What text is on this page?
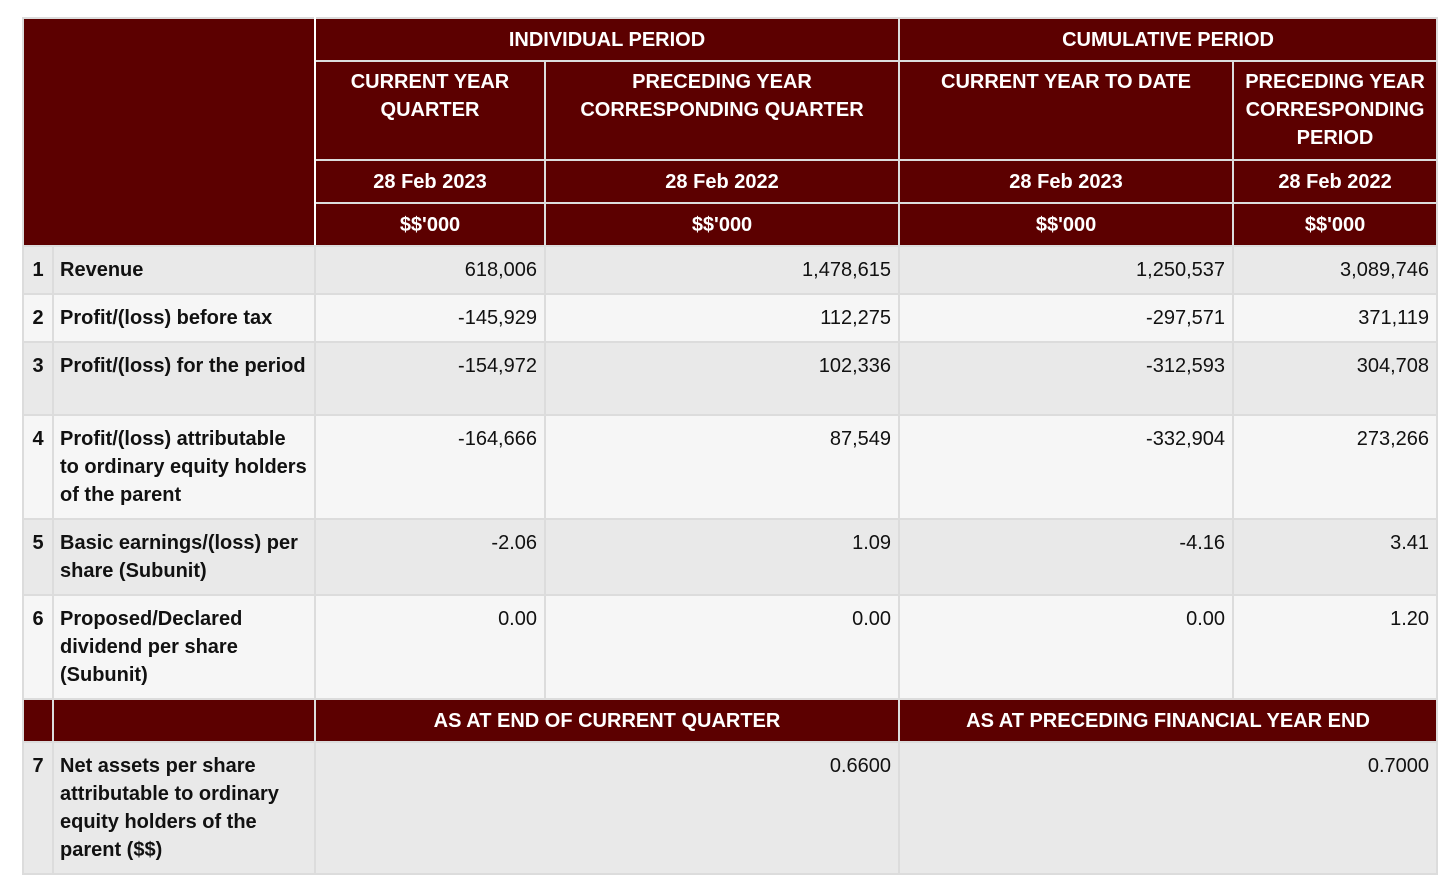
		INDIVIDUAL PERIOD		CUMULATIVE PERIOD	
		CURRENT YEAR QUARTER	PRECEDING YEAR CORRESPONDING QUARTER	CURRENT YEAR TO DATE	PRECEDING YEAR CORRESPONDING PERIOD
		28 Feb 2023	28 Feb 2022	28 Feb 2023	28 Feb 2022
		$$'000	$$'000	$$'000	$$'000
1	Revenue	618,006	1,478,615	1,250,537	3,089,746
2	Profit/(loss) before tax	-145,929	112,275	-297,571	371,119
3	Profit/(loss) for the period	-154,972	102,336	-312,593	304,708
4	Profit/(loss) attributable to ordinary equity holders of the parent	-164,666	87,549	-332,904	273,266
5	Basic earnings/(loss) per share (Subunit)	-2.06	1.09	-4.16	3.41
6	Proposed/Declared dividend per share (Subunit)	0.00	0.00	0.00	1.20
		AS AT END OF CURRENT QUARTER		AS AT PRECEDING FINANCIAL YEAR END	
7	Net assets per share attributable to ordinary equity holders of the parent ($$)	0.6600		0.7000	
